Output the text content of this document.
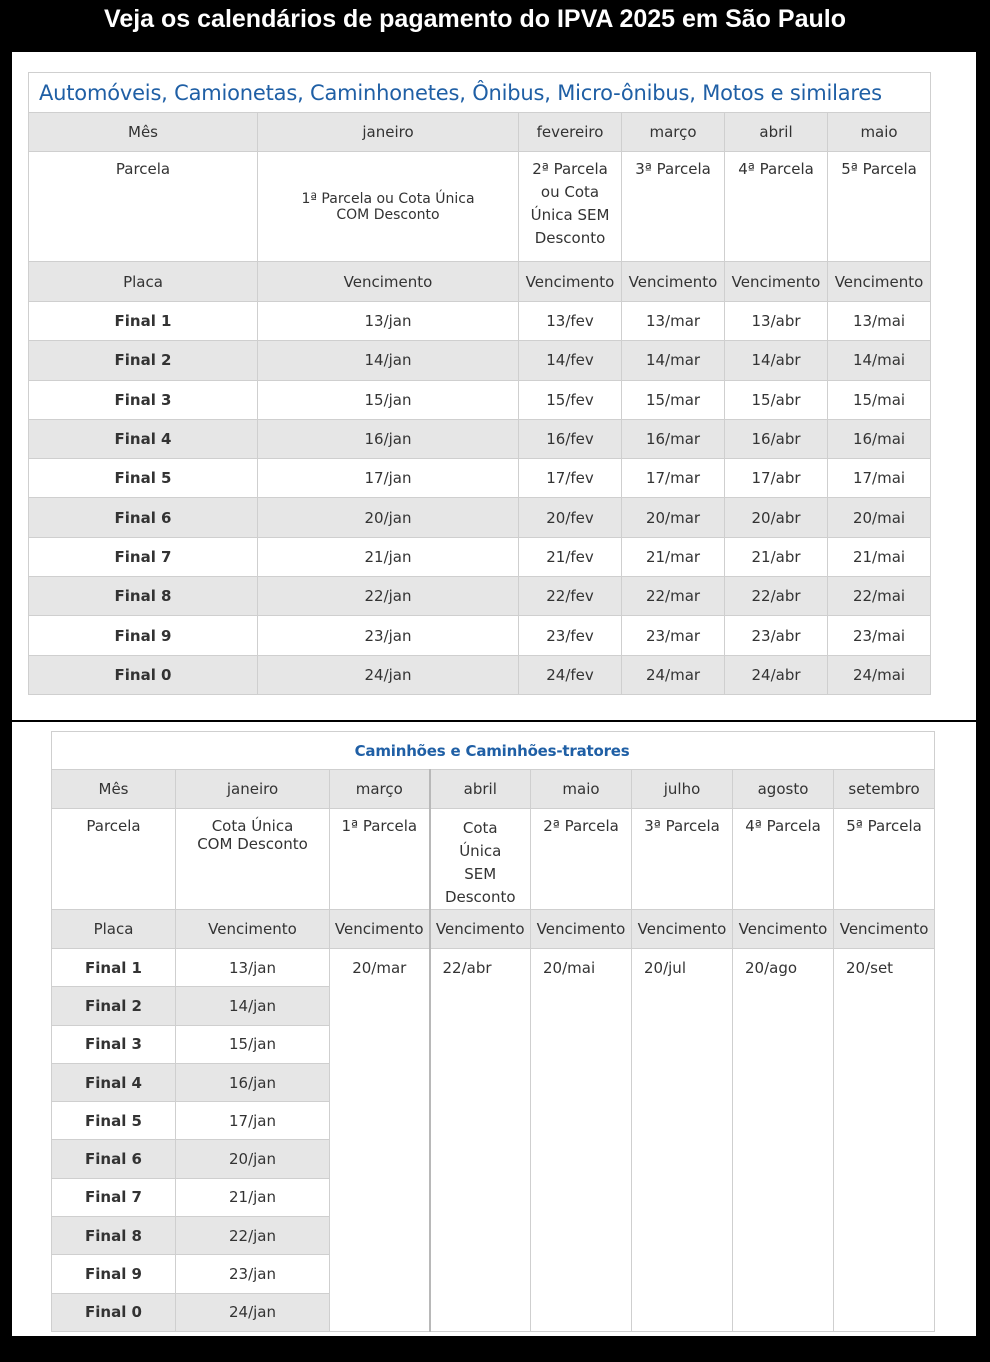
Veja os calendários de pagamento do IPVA 2025 em São Paulo
Automóveis, Camionetas, Caminhonetes, Ônibus, Micro-ônibus, Motos e similares					
Mês	janeiro	fevereiro	março	abril	maio
Parcela	1ª Parcela ou Cota Única COM Desconto	2ª Parcela ou Cota Única SEM Desconto	3ª Parcela	4ª Parcela	5ª Parcela
Placa	Vencimento	Vencimento	Vencimento	Vencimento	Vencimento
Final 1	13/jan	13/fev	13/mar	13/abr	13/mai
Final 2	14/jan	14/fev	14/mar	14/abr	14/mai
Final 3	15/jan	15/fev	15/mar	15/abr	15/mai
Final 4	16/jan	16/fev	16/mar	16/abr	16/mai
Final 5	17/jan	17/fev	17/mar	17/abr	17/mai
Final 6	20/jan	20/fev	20/mar	20/abr	20/mai
Final 7	21/jan	21/fev	21/mar	21/abr	21/mai
Final 8	22/jan	22/fev	22/mar	22/abr	22/mai
Final 9	23/jan	23/fev	23/mar	23/abr	23/mai
Final 0	24/jan	24/fev	24/mar	24/abr	24/mai
Caminhões e Caminhões-tratores							
Mês	janeiro	março	abril	maio	julho	agosto	setembro
Parcela	Cota Única COM Desconto	1ª Parcela	Cota Única SEM Desconto	2ª Parcela	3ª Parcela	4ª Parcela	5ª Parcela
Placa	Vencimento	Vencimento	Vencimento	Vencimento	Vencimento	Vencimento	Vencimento
Final 1	13/jan	20/mar	22/abr	20/mai	20/jul	20/ago	20/set
Final 2	14/jan						
Final 3	15/jan						
Final 4	16/jan						
Final 5	17/jan						
Final 6	20/jan						
Final 7	21/jan						
Final 8	22/jan						
Final 9	23/jan						
Final 0	24/jan						
